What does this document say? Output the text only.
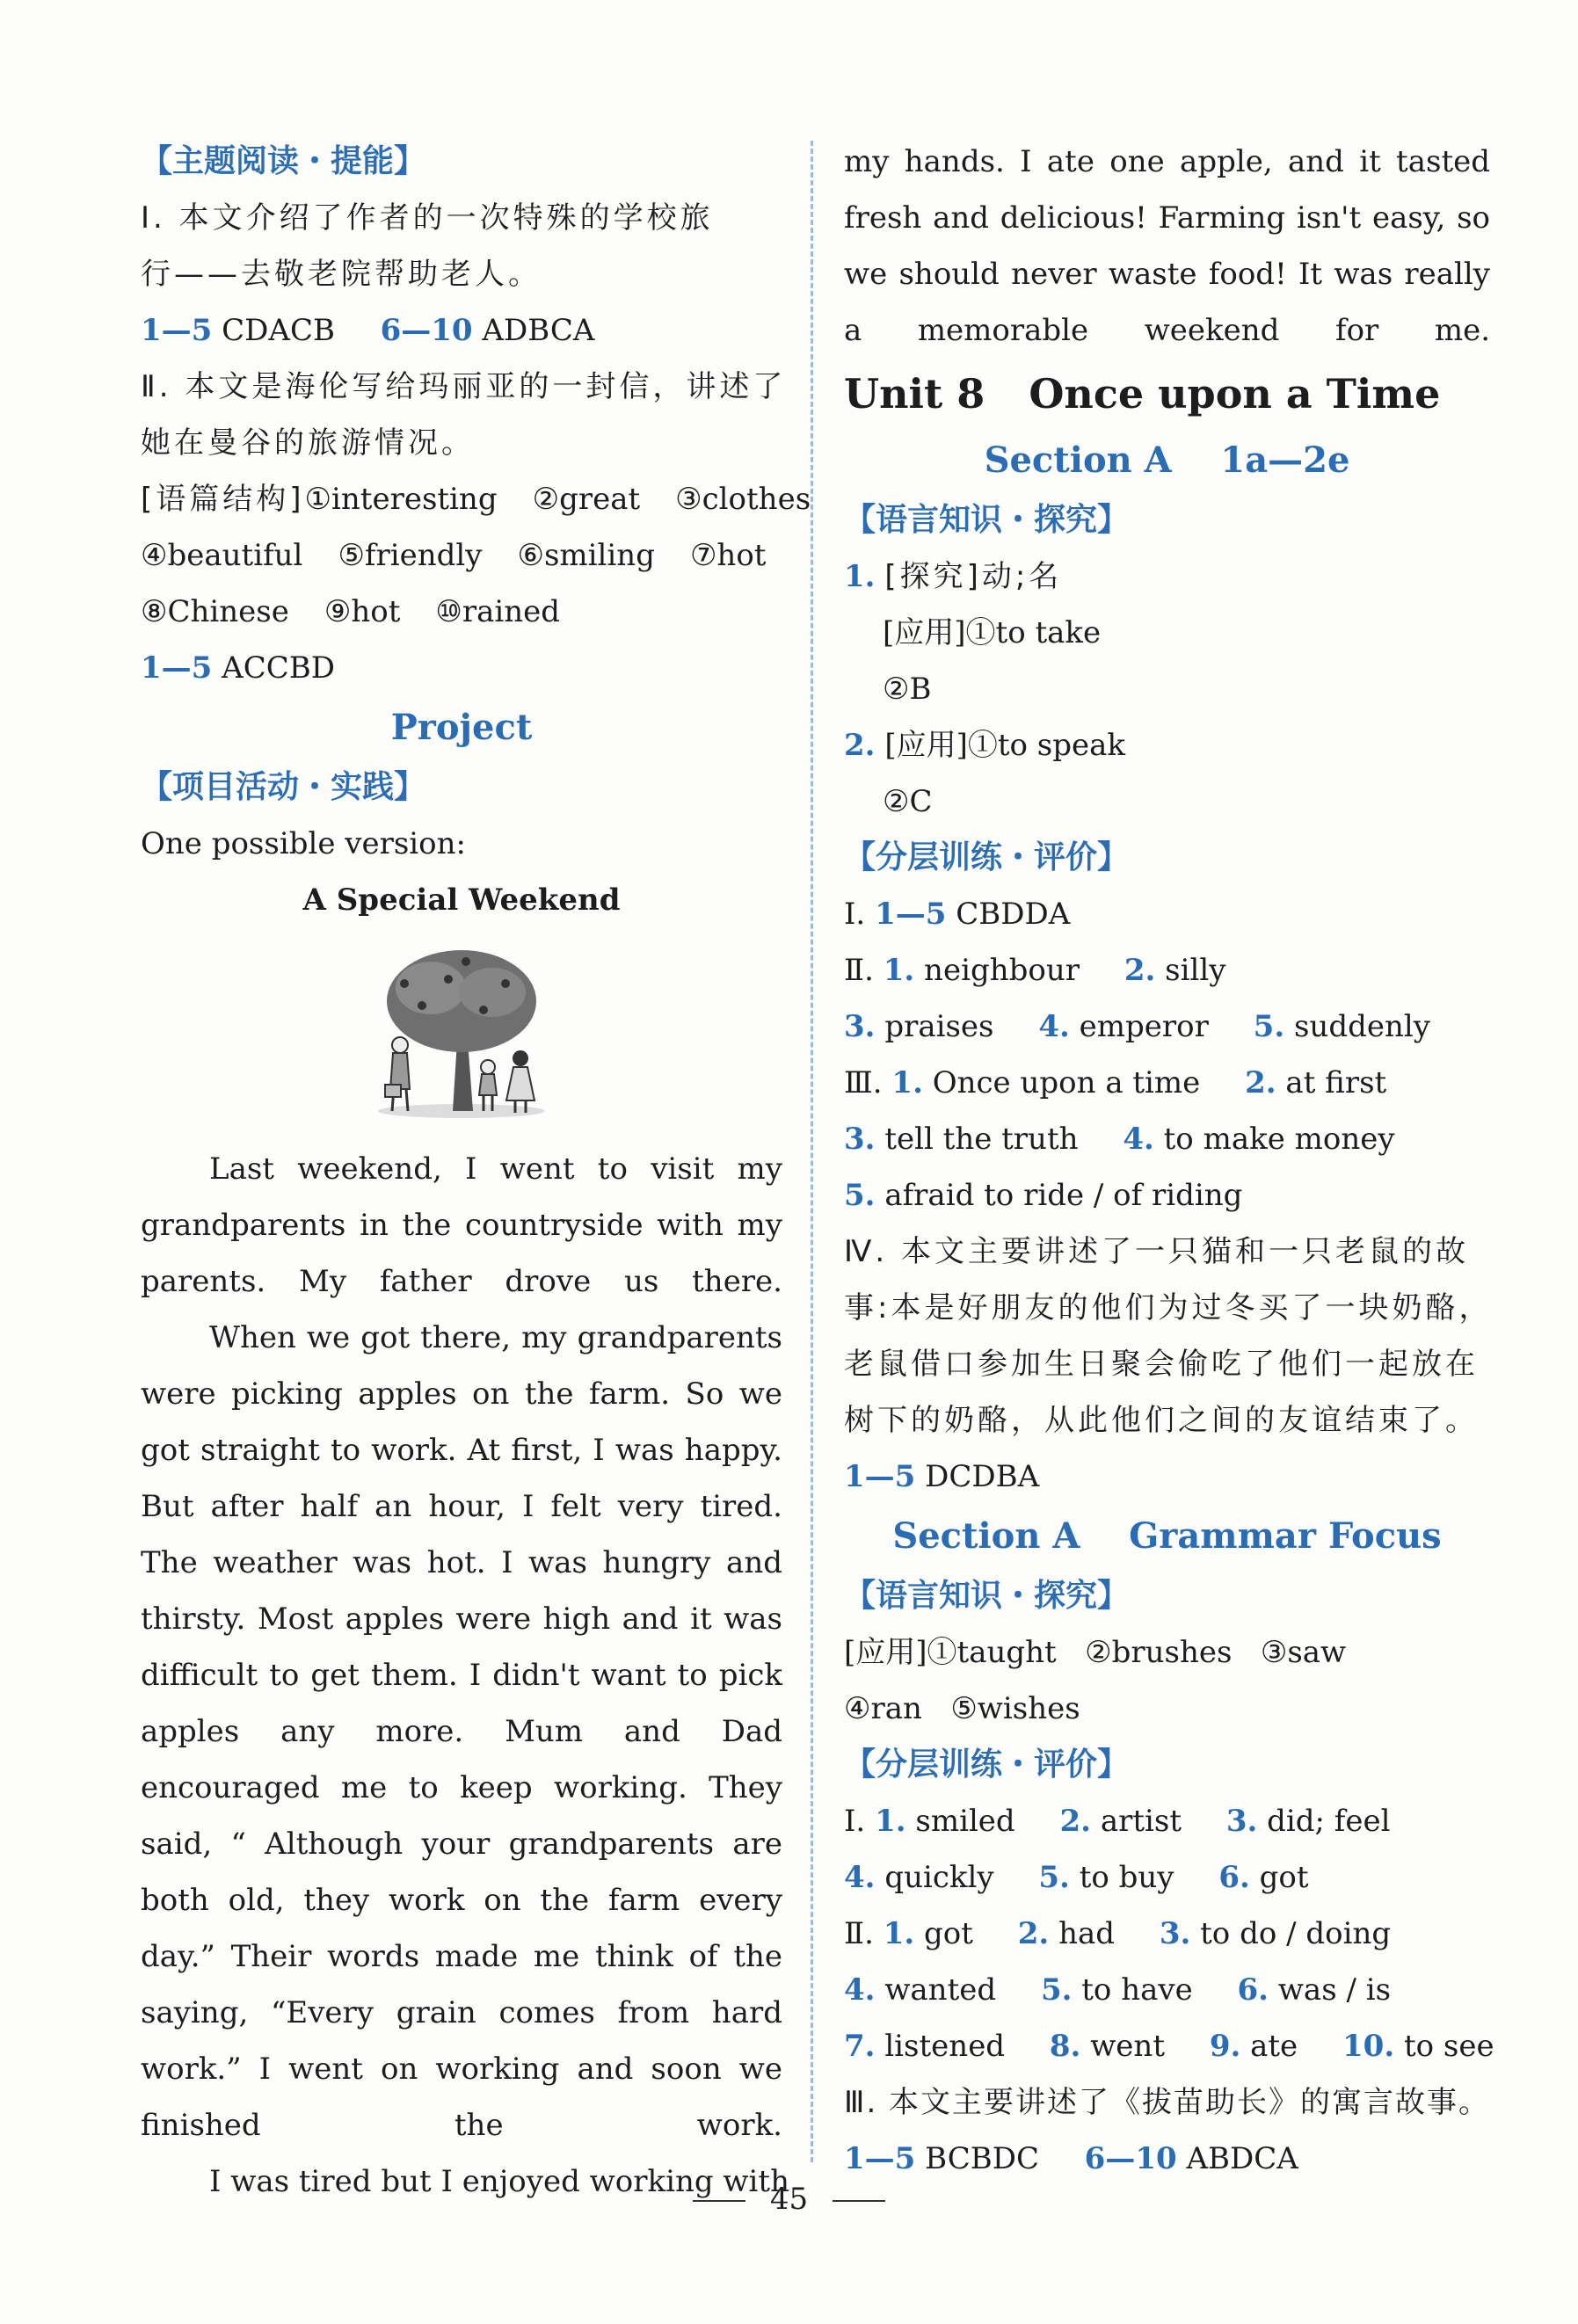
【主题阅读・提能】
Ⅰ. 本文介绍了作者的一次特殊的学校旅
行——去敬老院帮助老人。
1—5 CDACB 6—10 ADBCA
Ⅱ. 本文是海伦写给玛丽亚的一封信，讲述了
她在曼谷的旅游情况。
[语篇结构]①interesting ②great ③clothes
④beautiful ⑤friendly ⑥smiling ⑦hot
⑧Chinese ⑨hot ⑩rained
1—5 ACCBD
Project
【项目活动・实践】
One possible version:
A Special Weekend
Last weekend, I went to visit my grandparents in the countryside with my parents. My father drove us there.
When we got there, my grandparents were picking apples on the farm. So we got straight to work. At first, I was happy. But after half an hour, I felt very tired. The weather was hot. I was hungry and thirsty. Most apples were high and it was difficult to get them. I didn't want to pick apples any more. Mum and Dad encouraged me to keep working. They said, “ Although your grandparents are both old, they work on the farm every day.” Their words made me think of the saying, “Every grain comes from hard work.” I went on working and soon we finished the work.
I was tired but I enjoyed working with
my hands. I ate one apple, and it tasted fresh and delicious! Farming isn't easy, so we should never waste food! It was really a memorable weekend for me.
Unit 8 Once upon a Time
Section A    1a—2e
【语言知识・探究】
1. [探究]动;名
[应用]①to take
②B
2. [应用]①to speak
②C
【分层训练・评价】
Ⅰ. 1—5 CBDDA
Ⅱ. 1. neighbour 2. silly
3. praises 4. emperor 5. suddenly
Ⅲ. 1. Once upon a time 2. at first
3. tell the truth 4. to make money
5. afraid to ride / of riding
Ⅳ. 本文主要讲述了一只猫和一只老鼠的故
事:本是好朋友的他们为过冬买了一块奶酪，
老鼠借口参加生日聚会偷吃了他们一起放在
树下的奶酪，从此他们之间的友谊结束了。
1—5 DCDBA
Section A    Grammar Focus
【语言知识・探究】
[应用]①taught   ②brushes   ③saw
④ran   ⑤wishes
【分层训练・评价】
Ⅰ. 1. smiled 2. artist 3. did; feel
4. quickly 5. to buy 6. got
Ⅱ. 1. got 2. had 3. to do / doing
4. wanted 5. to have 6. was / is
7. listened 8. went 9. ate 10. to see
Ⅲ. 本文主要讲述了《拔苗助长》的寓言故事。
1—5 BCBDC 6—10 ABDCA
45
